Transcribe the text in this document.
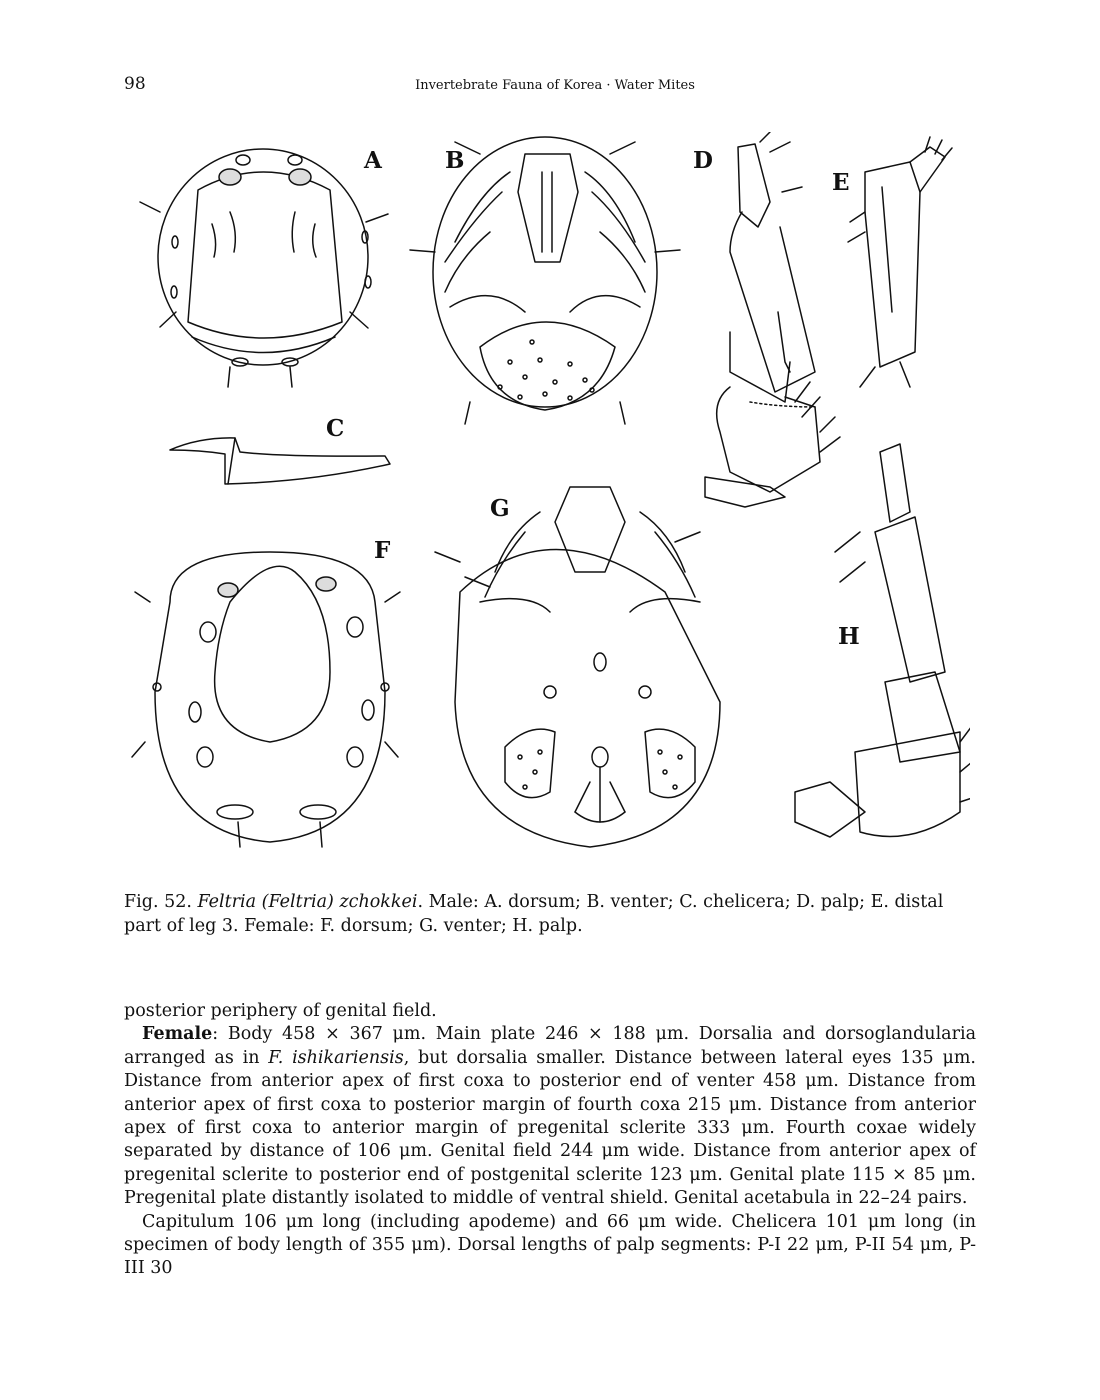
98	Invertebrate Fauna of Korea · Water Mites
A	B
C
D
E
F
G
H
Fig. 52. Feltria (Feltria) zchokkei. Male: A. dorsum; B. venter; C. chelicera; D. palp; E. distal part of leg 3. Female: F. dorsum; G. venter; H. palp.

posterior periphery of genital field.

Female: Body 458 × 367 μm. Main plate 246 × 188 μm. Dorsalia and dorsoglandularia arranged as in F. ishikariensis, but dorsalia smaller. Distance between lateral eyes 135 μm. Distance from anterior apex of first coxa to posterior end of venter 458 μm. Distance from anterior apex of first coxa to posterior margin of fourth coxa 215 μm. Distance from anterior apex of first coxa to anterior margin of pregenital sclerite 333 μm. Fourth coxae widely separated by distance of 106 μm. Genital field 244 μm wide. Distance from anterior apex of pregenital sclerite to posterior end of postgenital sclerite 123 μm. Genital plate 115 × 85 μm. Pregenital plate distantly isolated to middle of ventral shield. Genital acetabula in 22–24 pairs.

Capitulum 106 μm long (including apodeme) and 66 μm wide. Chelicera 101 μm long (in specimen of body length of 355 μm). Dorsal lengths of palp segments: P-I 22 μm, P-II 54 μm, P-III 30
